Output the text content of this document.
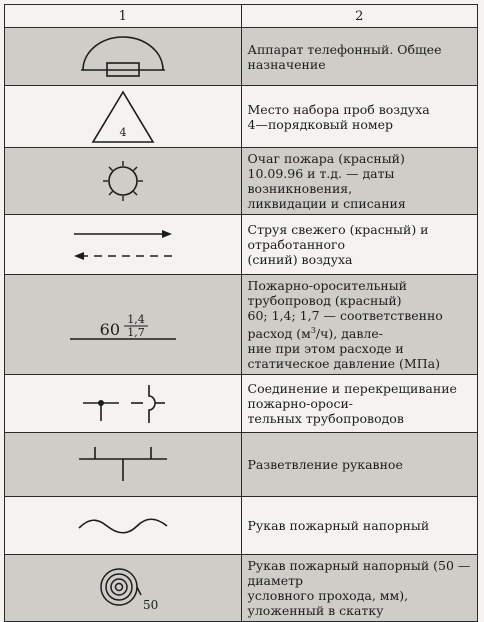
1	2

Аппарат телефонный. Общее назначение

4	Место набора проб воздуха
4—порядковый номер

Очаг пожара (красный)
10.09.96 и т.д. — даты возникновения,
ликвидации и списания

Струя свежего (красный) и отработанного
(синий) воздуха

60
1,4
1,7	Пожарно-оросительный трубопровод (красный)
60; 1,4; 1,7 — соответственно расход $(м^3/ч)$, давле-
ние при этом расходе и статическое давление (МПа)

Соединение и перекрещивание пожарно-ороси-
тельных трубопроводов

Разветвление рукавное

Рукав пожарный напорный

50	Рукав пожарный напорный (50 — диаметр
условного прохода, мм), уложенный в скатку
